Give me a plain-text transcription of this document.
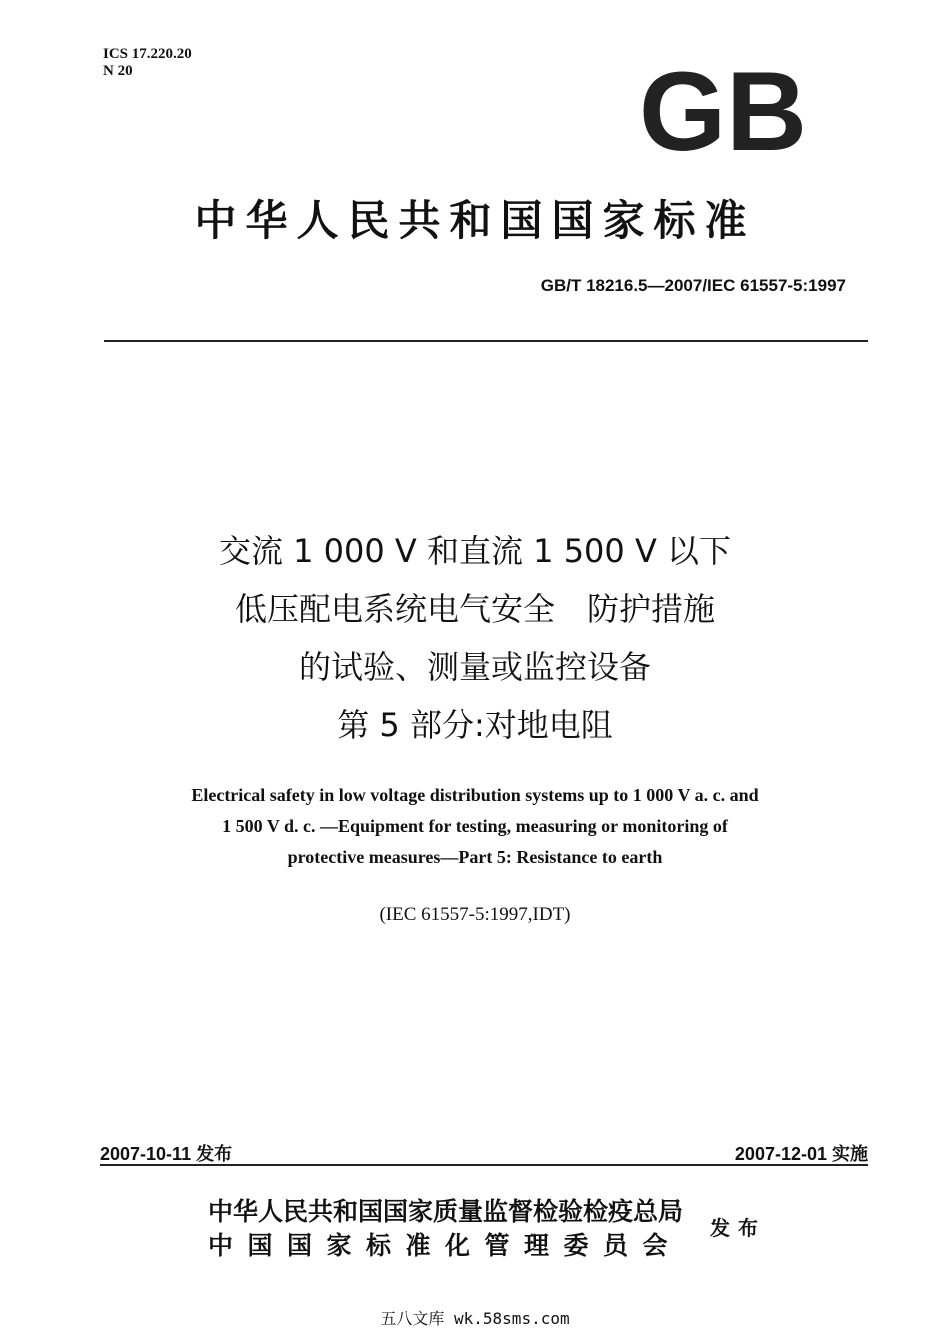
ICS 17.220.20
N 20	GB
中华人民共和国国家标准
GB/T 18216.5—2007/IEC 61557-5:1997
交流 1 000 V 和直流 1 500 V 以下
低压配电系统电气安全　防护措施
的试验、测量或监控设备
第 5 部分:对地电阻
Electrical safety in low voltage distribution systems up to 1 000 V a. c. and
1 500 V d. c. —Equipment for testing, measuring or monitoring of
protective measures—Part 5: Resistance to earth
(IEC 61557-5:1997,IDT)
2007-10-11 发布	2007-12-01 实施
中华人民共和国国家质量监督检验检疫总局
中国国家标准化管理委员会
发布
五八文库 wk.58sms.com
